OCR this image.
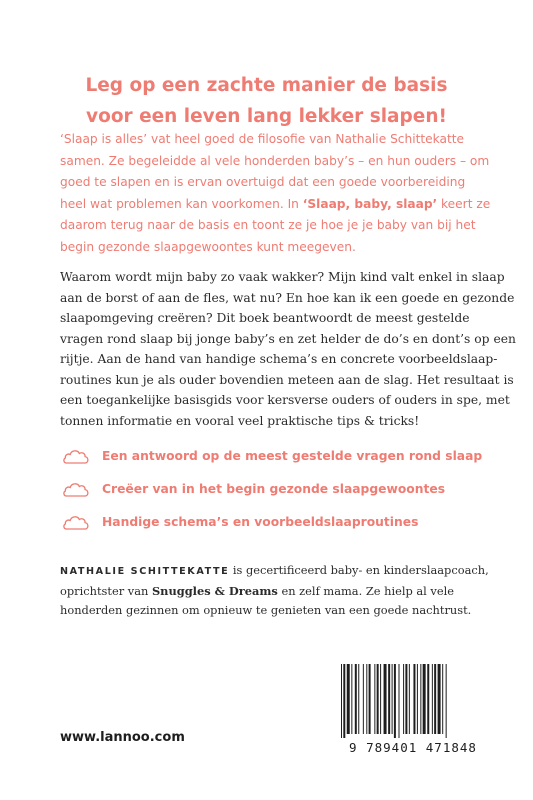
Leg op een zachte manier de basis
voor een leven lang lekker slapen!
‘Slaap is alles’ vat heel goed de filosofie van Nathalie Schittekatte
samen. Ze begeleidde al vele honderden baby’s – en hun ouders – om
goed te slapen en is ervan overtuigd dat een goede voorbereiding
heel wat problemen kan voorkomen. In ‘Slaap, baby, slaap’ keert ze
daarom terug naar de basis en toont ze je hoe je je baby van bij het
begin gezonde slaapgewoontes kunt meegeven.
Waarom wordt mijn baby zo vaak wakker? Mijn kind valt enkel in slaap
aan de borst of aan de fles, wat nu? En hoe kan ik een goede en gezonde
slaapomgeving creëren? Dit boek beantwoordt de meest gestelde
vragen rond slaap bij jonge baby’s en zet helder de do’s en dont’s op een
rijtje. Aan de hand van handige schema’s en concrete voorbeeldslaap-
routines kun je als ouder bovendien meteen aan de slag. Het resultaat is
een toegankelijke basisgids voor kersverse ouders of ouders in spe, met
tonnen informatie en vooral veel praktische tips & tricks!
Een antwoord op de meest gestelde vragen rond slaap
Creëer van in het begin gezonde slaapgewoontes
Handige schema’s en voorbeeldslaaproutines
NATHALIE SCHITTEKATTE is gecertificeerd baby- en kinderslaapcoach,
oprichtster van Snuggles & Dreams en zelf mama. Ze hielp al vele
honderden gezinnen om opnieuw te genieten van een goede nachtrust.
www.lannoo.com
9 789401 471848
